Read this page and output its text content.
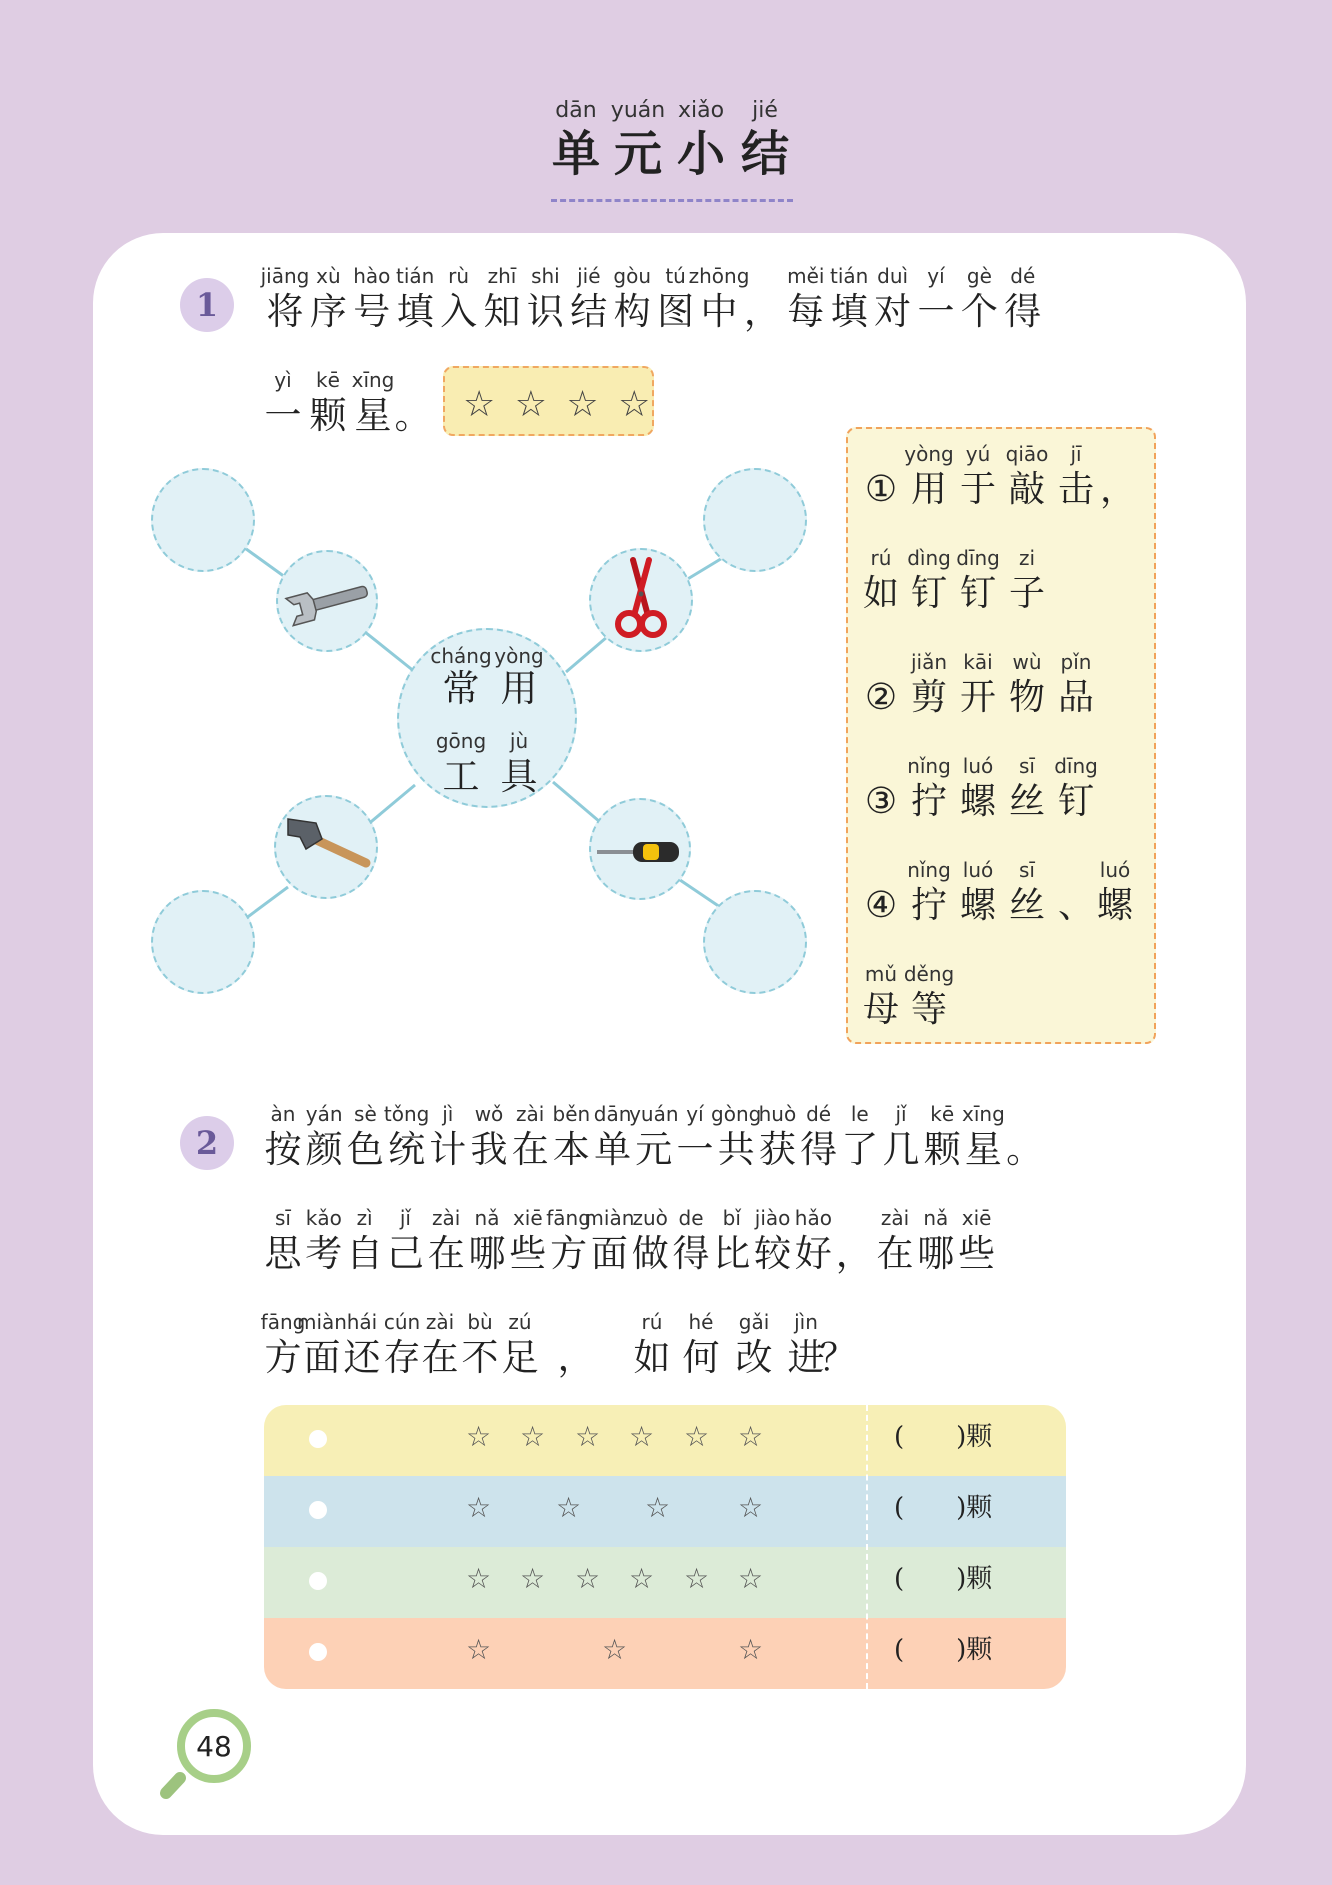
dān
单
yuán
元
xiǎo
小
jié
结
1
jiāng
将
xù
序
hào
号
tián
填
rù
入
zhī
知
shi
识
jié
结
gòu
构
tú
图
zhōng
中 ，
měi
每
tián
填
duì
对
yí
一
gè
个
dé
得
yì
一
kē
颗
xīng
星 。 ☆ ☆ ☆ ☆
cháng
常
yòng
用
gōng
工
jù
具
① 用 于 敲 击 ，
yòng yú qiāo jī
如 钉 钉 子
rú dìng dīng zi
② 剪 开 物 品
jiǎn kāi wù pǐn
③ 拧 螺 丝 钉
nǐng luó sī dīng
④ 拧 螺 丝 、 螺
nǐng luó sī	luó
母 等
mǔ děng
2
àn
按
yán
颜
sè
色
tǒng
统
jì
计
wǒ
我
zài
在
běn
本
dān
单
yuán
元
yí
一
gòng
共
huò
获
dé
得
le
了
jǐ
几
kē
颗
xīng
星 。
sī
思
kǎo
考
zì
自
jǐ
己
zài
在
nǎ
哪
xiē
些
fāng
方
miàn
面
zuò
做
de
得
bǐ
比
jiào
较
hǎo
好 ，
zài
在
nǎ
哪
xiē
些
fāng
方
miàn
面
hái
还
cún
存
zài
在
bù
不
zú
足 ，
rú
如
hé
何
gǎi
改
jìn
进
？
☆ ☆ ☆ ☆ ☆ ☆	(　　)颗
☆ ☆ ☆ ☆	(　　)颗
☆ ☆ ☆ ☆ ☆ ☆	(　　)颗
☆	☆	☆	(　　)颗
48
